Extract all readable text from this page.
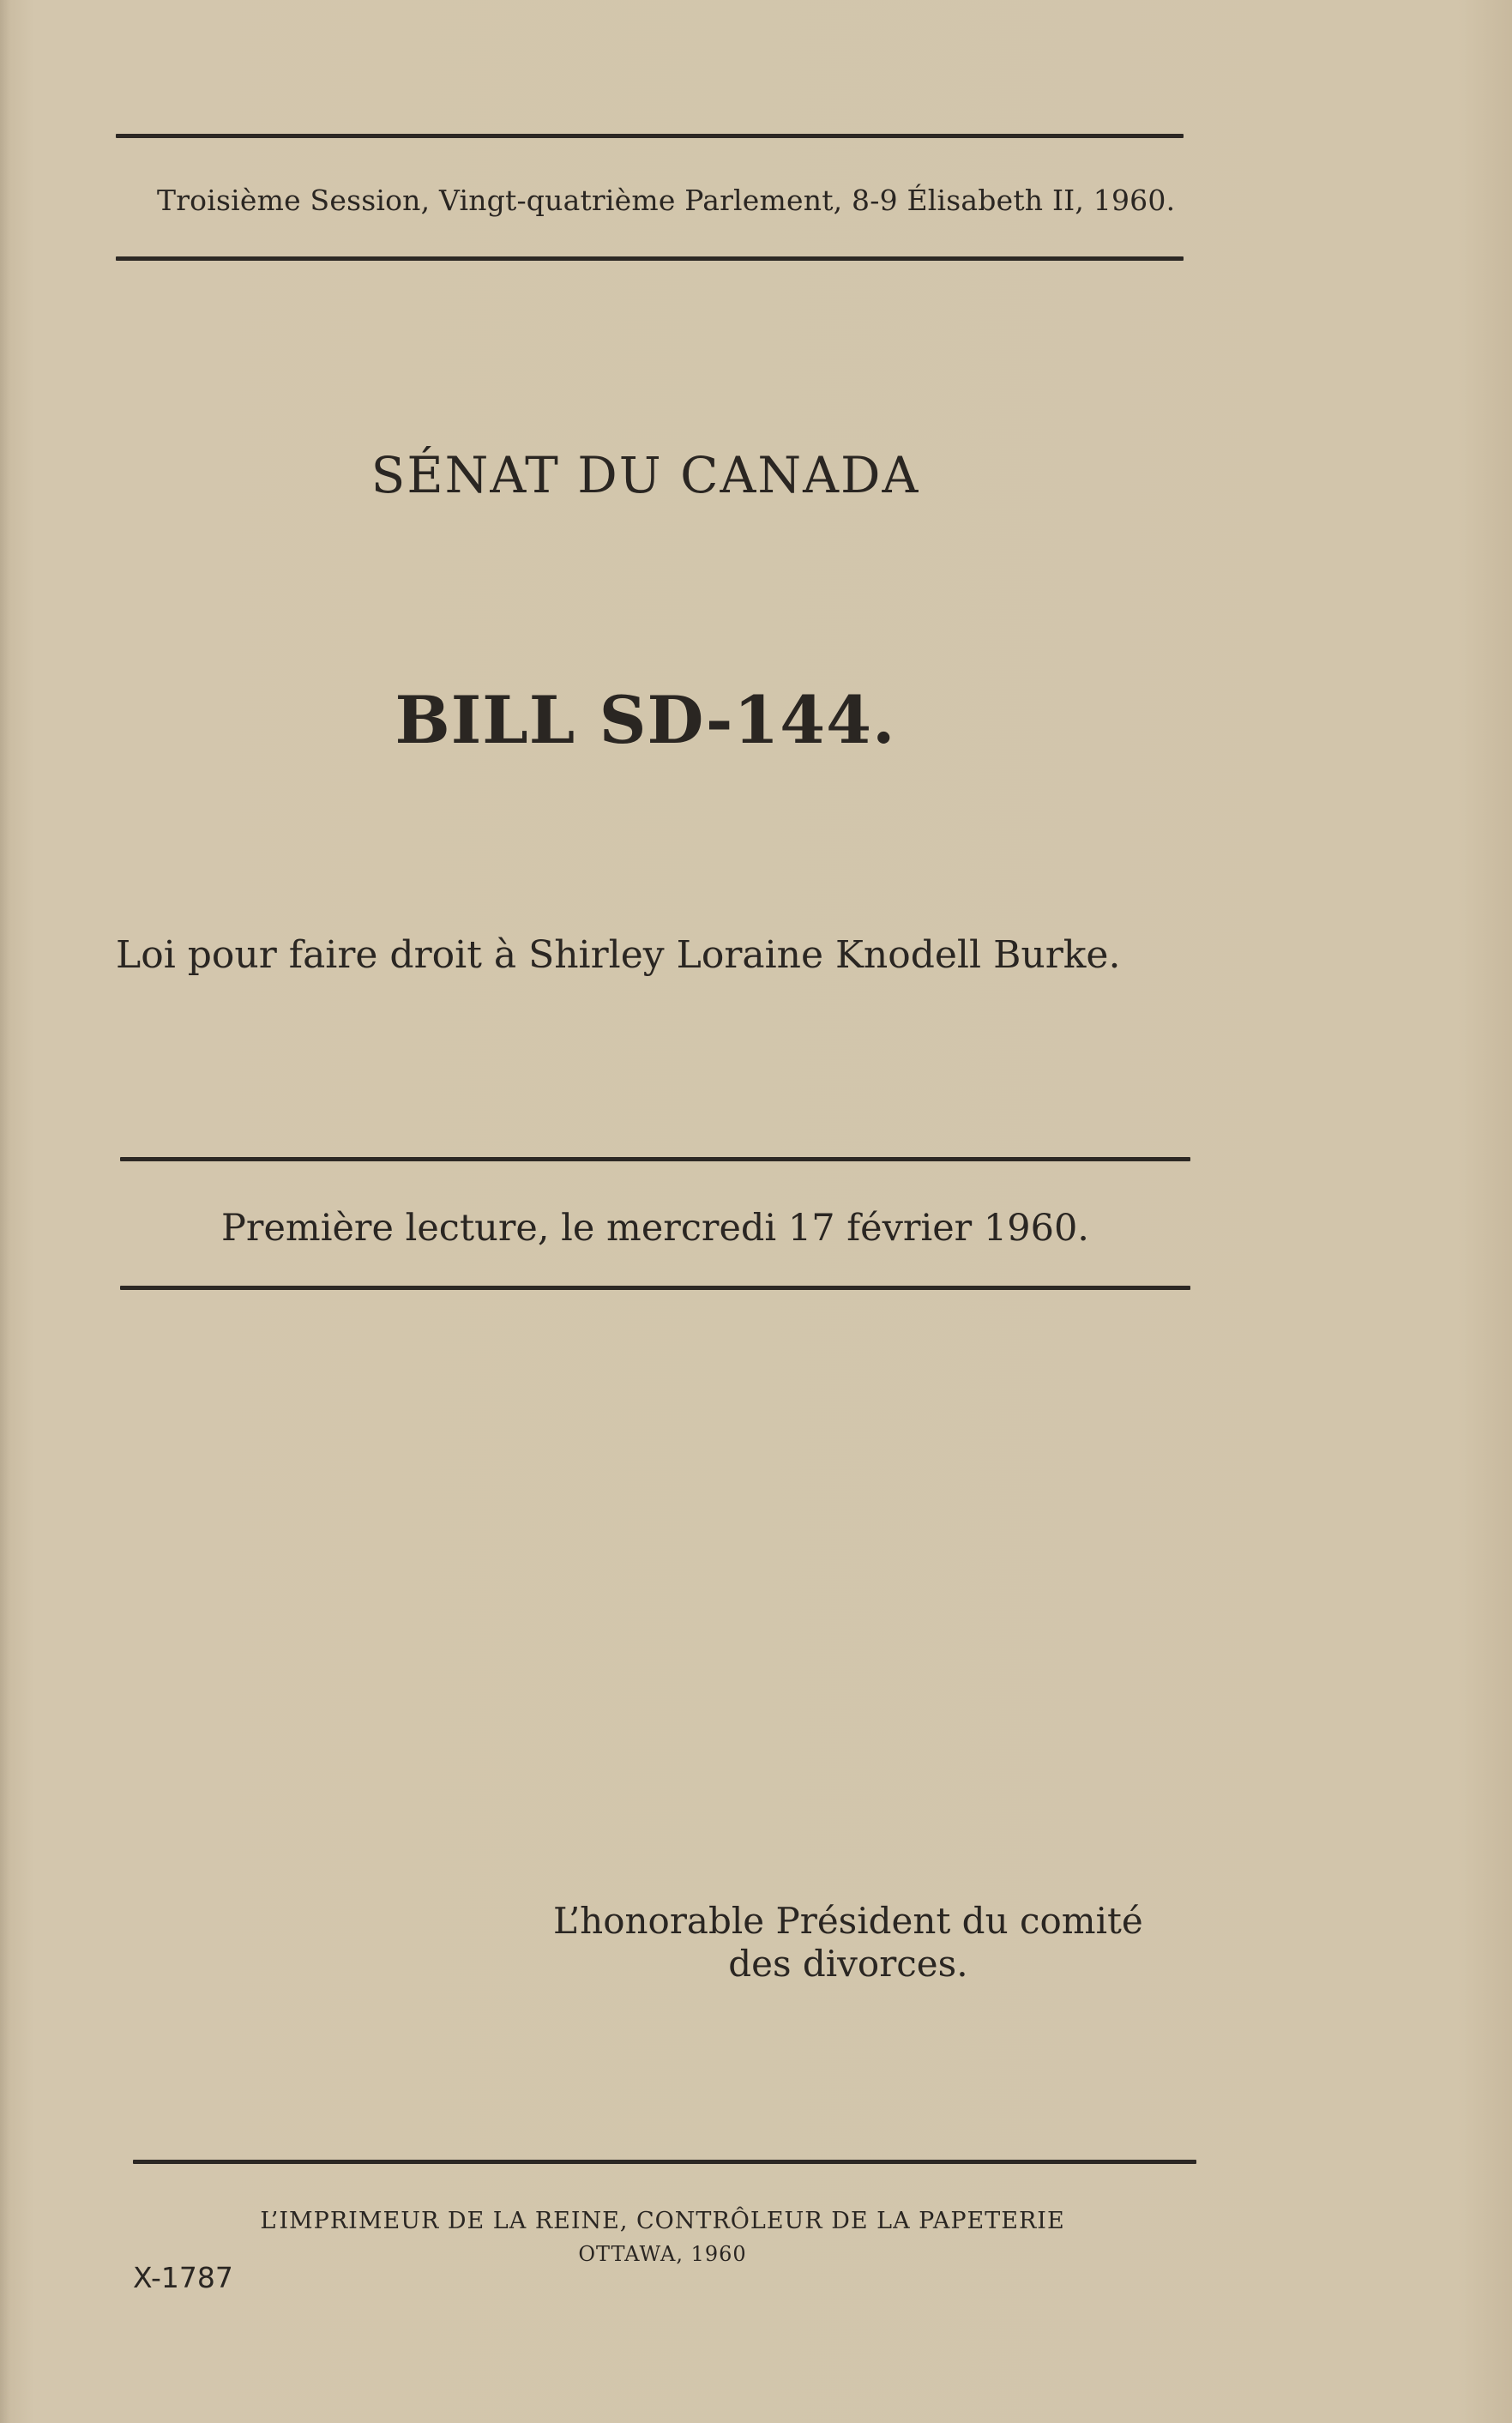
Troisième Session, Vingt-quatrième Parlement, 8-9 Élisabeth II, 1960.
SÉNAT DU CANADA
BILL SD-144.
Loi pour faire droit à Shirley Loraine Knodell Burke.
Première lecture, le mercredi 17 février 1960.
L’honorable Président du comité
des divorces.
L’IMPRIMEUR DE LA REINE, CONTRÔLEUR DE LA PAPETERIE
OTTAWA, 1960
X-1787
